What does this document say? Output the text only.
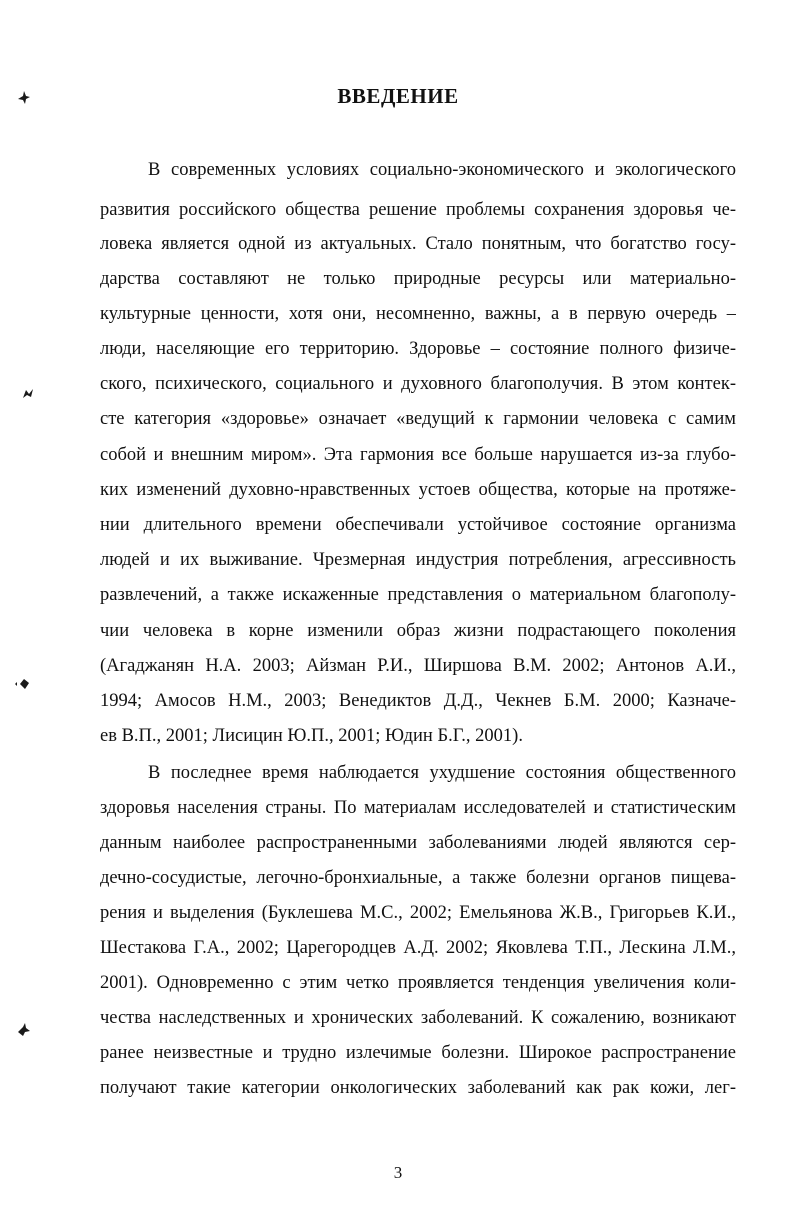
ВВЕДЕНИЕ
В современных условиях социально-экономического и экологического
развития российского общества решение проблемы сохранения здоровья че-
ловека является одной из актуальных. Стало понятным, что богатство госу-
дарства составляют не только природные ресурсы или материально-
культурные ценности, хотя они, несомненно, важны, а в первую очередь –
люди, населяющие его территорию. Здоровье – состояние полного физиче-
ского, психического, социального и духовного благополучия. В этом контек-
сте категория «здоровье» означает «ведущий к гармонии человека с самим
собой и внешним миром». Эта гармония все больше нарушается из-за глубо-
ких изменений духовно-нравственных устоев общества, которые на протяже-
нии длительного времени обеспечивали устойчивое состояние организма
людей и их выживание. Чрезмерная индустрия потребления, агрессивность
развлечений, а также искаженные представления о материальном благополу-
чии человека в корне изменили образ жизни подрастающего поколения
(Агаджанян Н.А. 2003; Айзман Р.И., Ширшова В.М. 2002; Антонов А.И.,
1994; Амосов Н.М., 2003; Венедиктов Д.Д., Чекнев Б.М. 2000; Казначе-
ев В.П., 2001; Лисицин Ю.П., 2001; Юдин Б.Г., 2001).
В последнее время наблюдается ухудшение состояния общественного
здоровья населения страны. По материалам исследователей и статистическим
данным наиболее распространенными заболеваниями людей являются сер-
дечно-сосудистые, легочно-бронхиальные, а также болезни органов пищева-
рения и выделения (Буклешева М.С., 2002; Емельянова Ж.В., Григорьев К.И.,
Шестакова Г.А., 2002; Царегородцев А.Д. 2002; Яковлева Т.П., Лескина Л.М.,
2001). Одновременно с этим четко проявляется тенденция увеличения коли-
чества наследственных и хронических заболеваний. К сожалению, возникают
ранее неизвестные и трудно излечимые болезни. Широкое распространение
получают такие категории онкологических заболеваний как рак кожи, лег-
3
